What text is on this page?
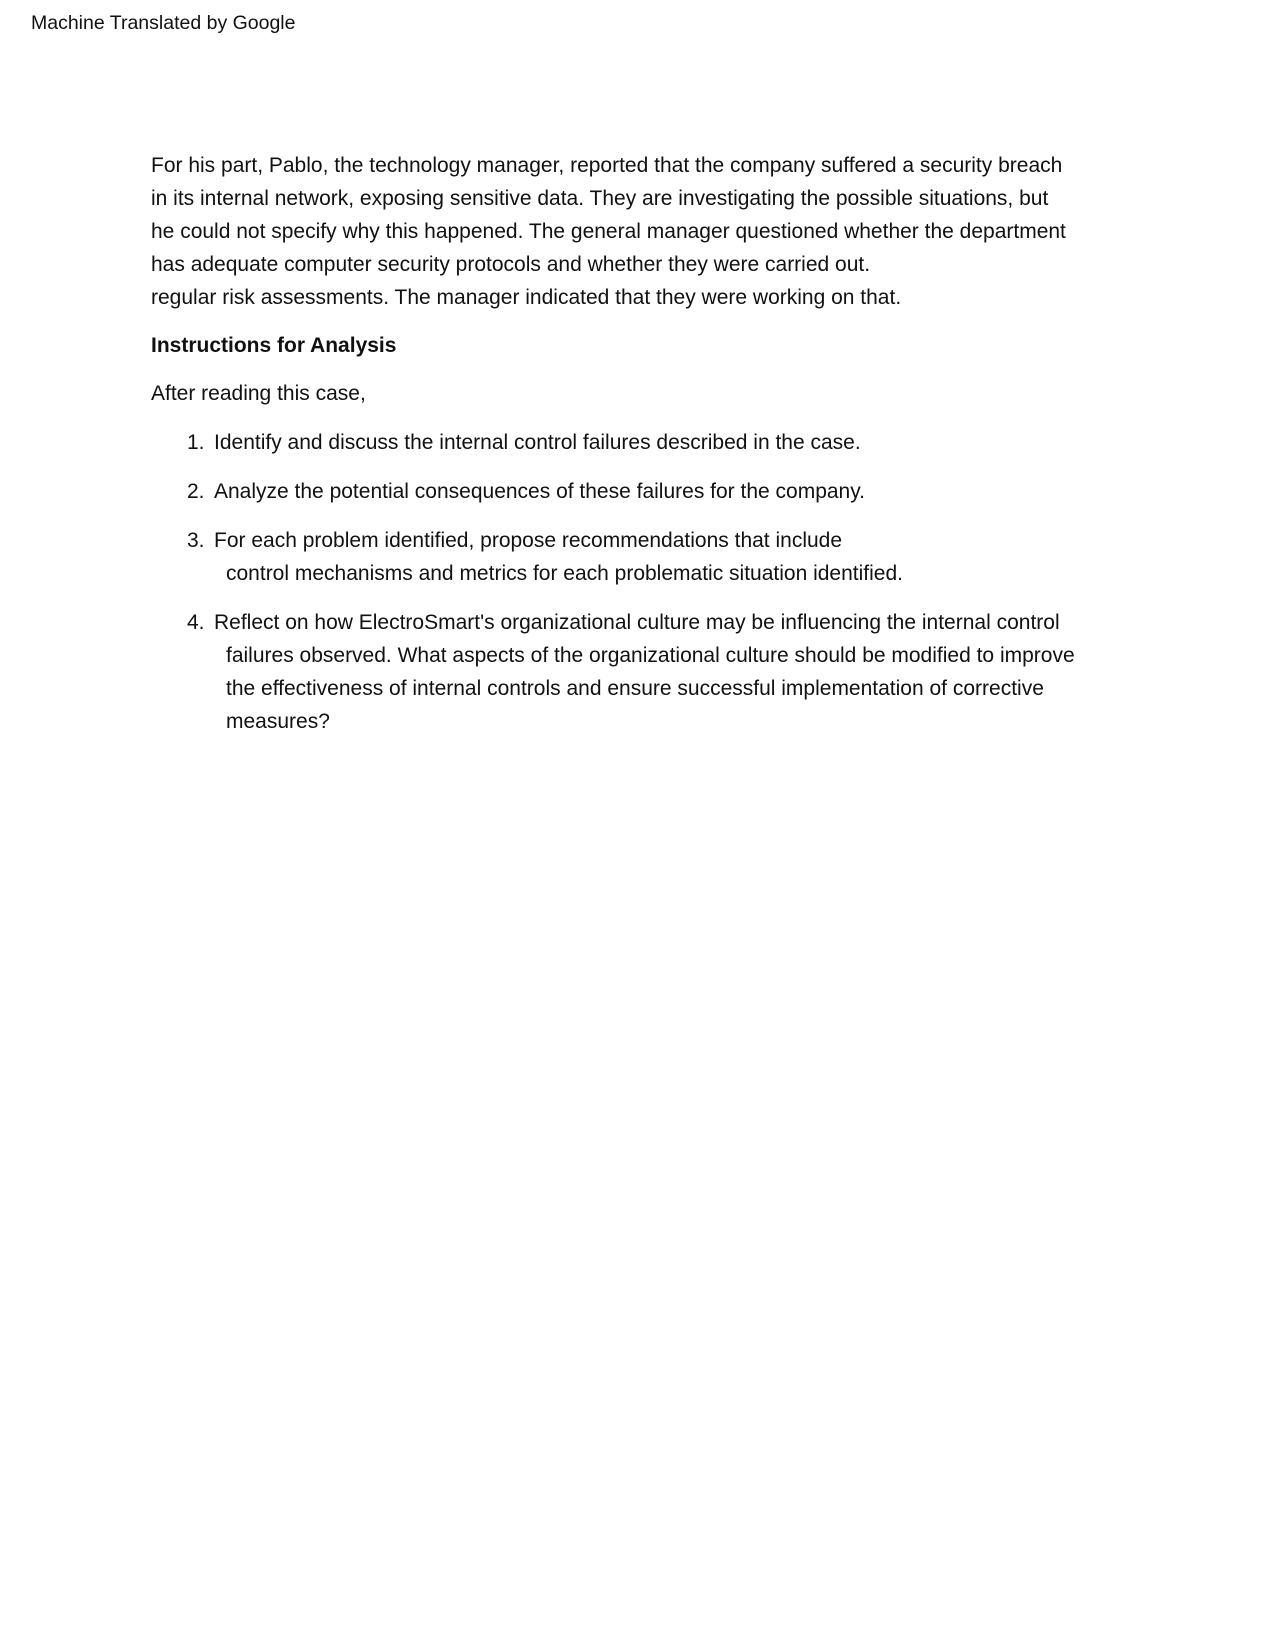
Machine Translated by Google

For his part, Pablo, the technology manager, reported that the company suffered a security breach
in its internal network, exposing sensitive data. They are investigating the possible situations, but
he could not specify why this happened. The general manager questioned whether the department
has adequate computer security protocols and whether they were carried out.
regular risk assessments. The manager indicated that they were working on that.

Instructions for Analysis
After reading this case,
1. Identify and discuss the internal control failures described in the case.
2. Analyze the potential consequences of these failures for the company.
3. For each problem identified, propose recommendations that include
control mechanisms and metrics for each problematic situation identified.
4. Reflect on how ElectroSmart's organizational culture may be influencing the internal control
failures observed. What aspects of the organizational culture should be modified to improve
the effectiveness of internal controls and ensure successful implementation of corrective
measures?
